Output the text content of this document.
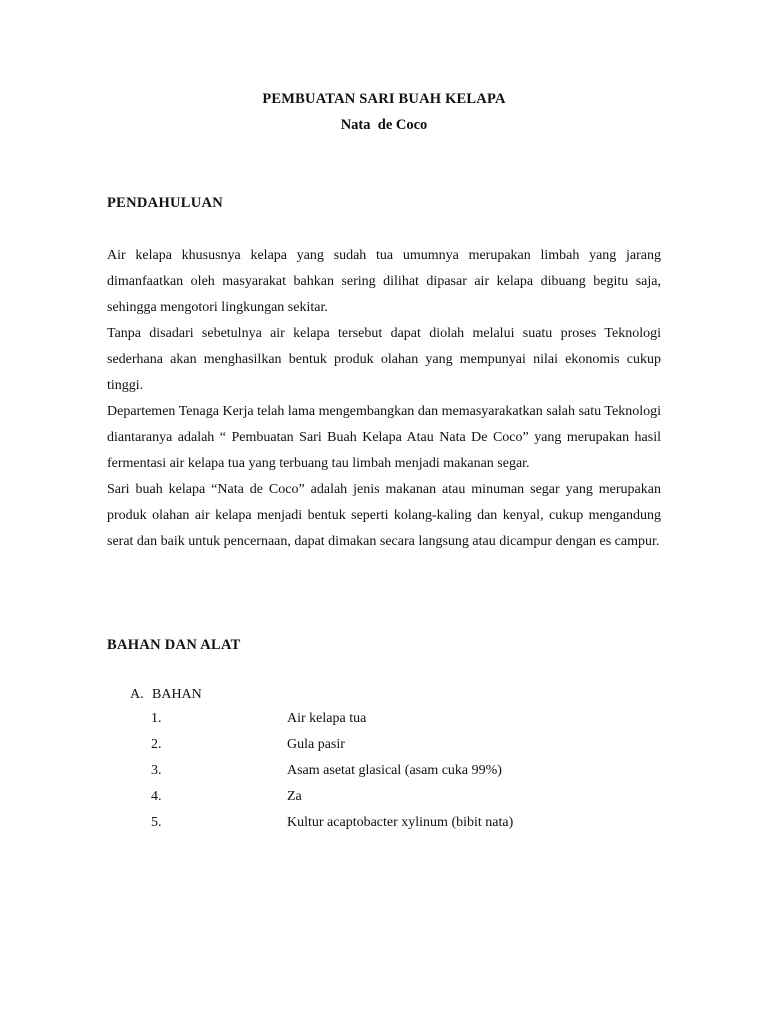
PEMBUATAN SARI BUAH KELAPA
Nata  de Coco
PENDAHULUAN

Air kelapa khususnya kelapa yang sudah tua umumnya merupakan limbah yang jarang dimanfaatkan oleh masyarakat bahkan sering dilihat dipasar air kelapa dibuang begitu saja, sehingga mengotori lingkungan sekitar.

Tanpa disadari sebetulnya air kelapa tersebut dapat diolah melalui suatu proses Teknologi sederhana akan menghasilkan bentuk produk olahan yang mempunyai nilai ekonomis cukup tinggi.

Departemen Tenaga Kerja telah lama mengembangkan dan memasyarakatkan salah satu Teknologi diantaranya adalah “ Pembuatan Sari Buah Kelapa Atau Nata De Coco” yang merupakan hasil fermentasi air kelapa tua yang terbuang tau limbah menjadi makanan segar.

Sari buah kelapa “Nata de Coco” adalah jenis makanan atau minuman segar yang merupakan produk olahan air kelapa menjadi bentuk seperti kolang-kaling dan kenyal, cukup mengandung serat dan baik untuk pencernaan, dapat dimakan secara langsung atau dicampur dengan es campur.

BAHAN DAN ALAT
A. BAHAN
1.	Air kelapa tua
2.	Gula pasir
3.	Asam asetat glasical (asam cuka 99%)
4.	Za
5.	Kultur acaptobacter xylinum (bibit nata)
